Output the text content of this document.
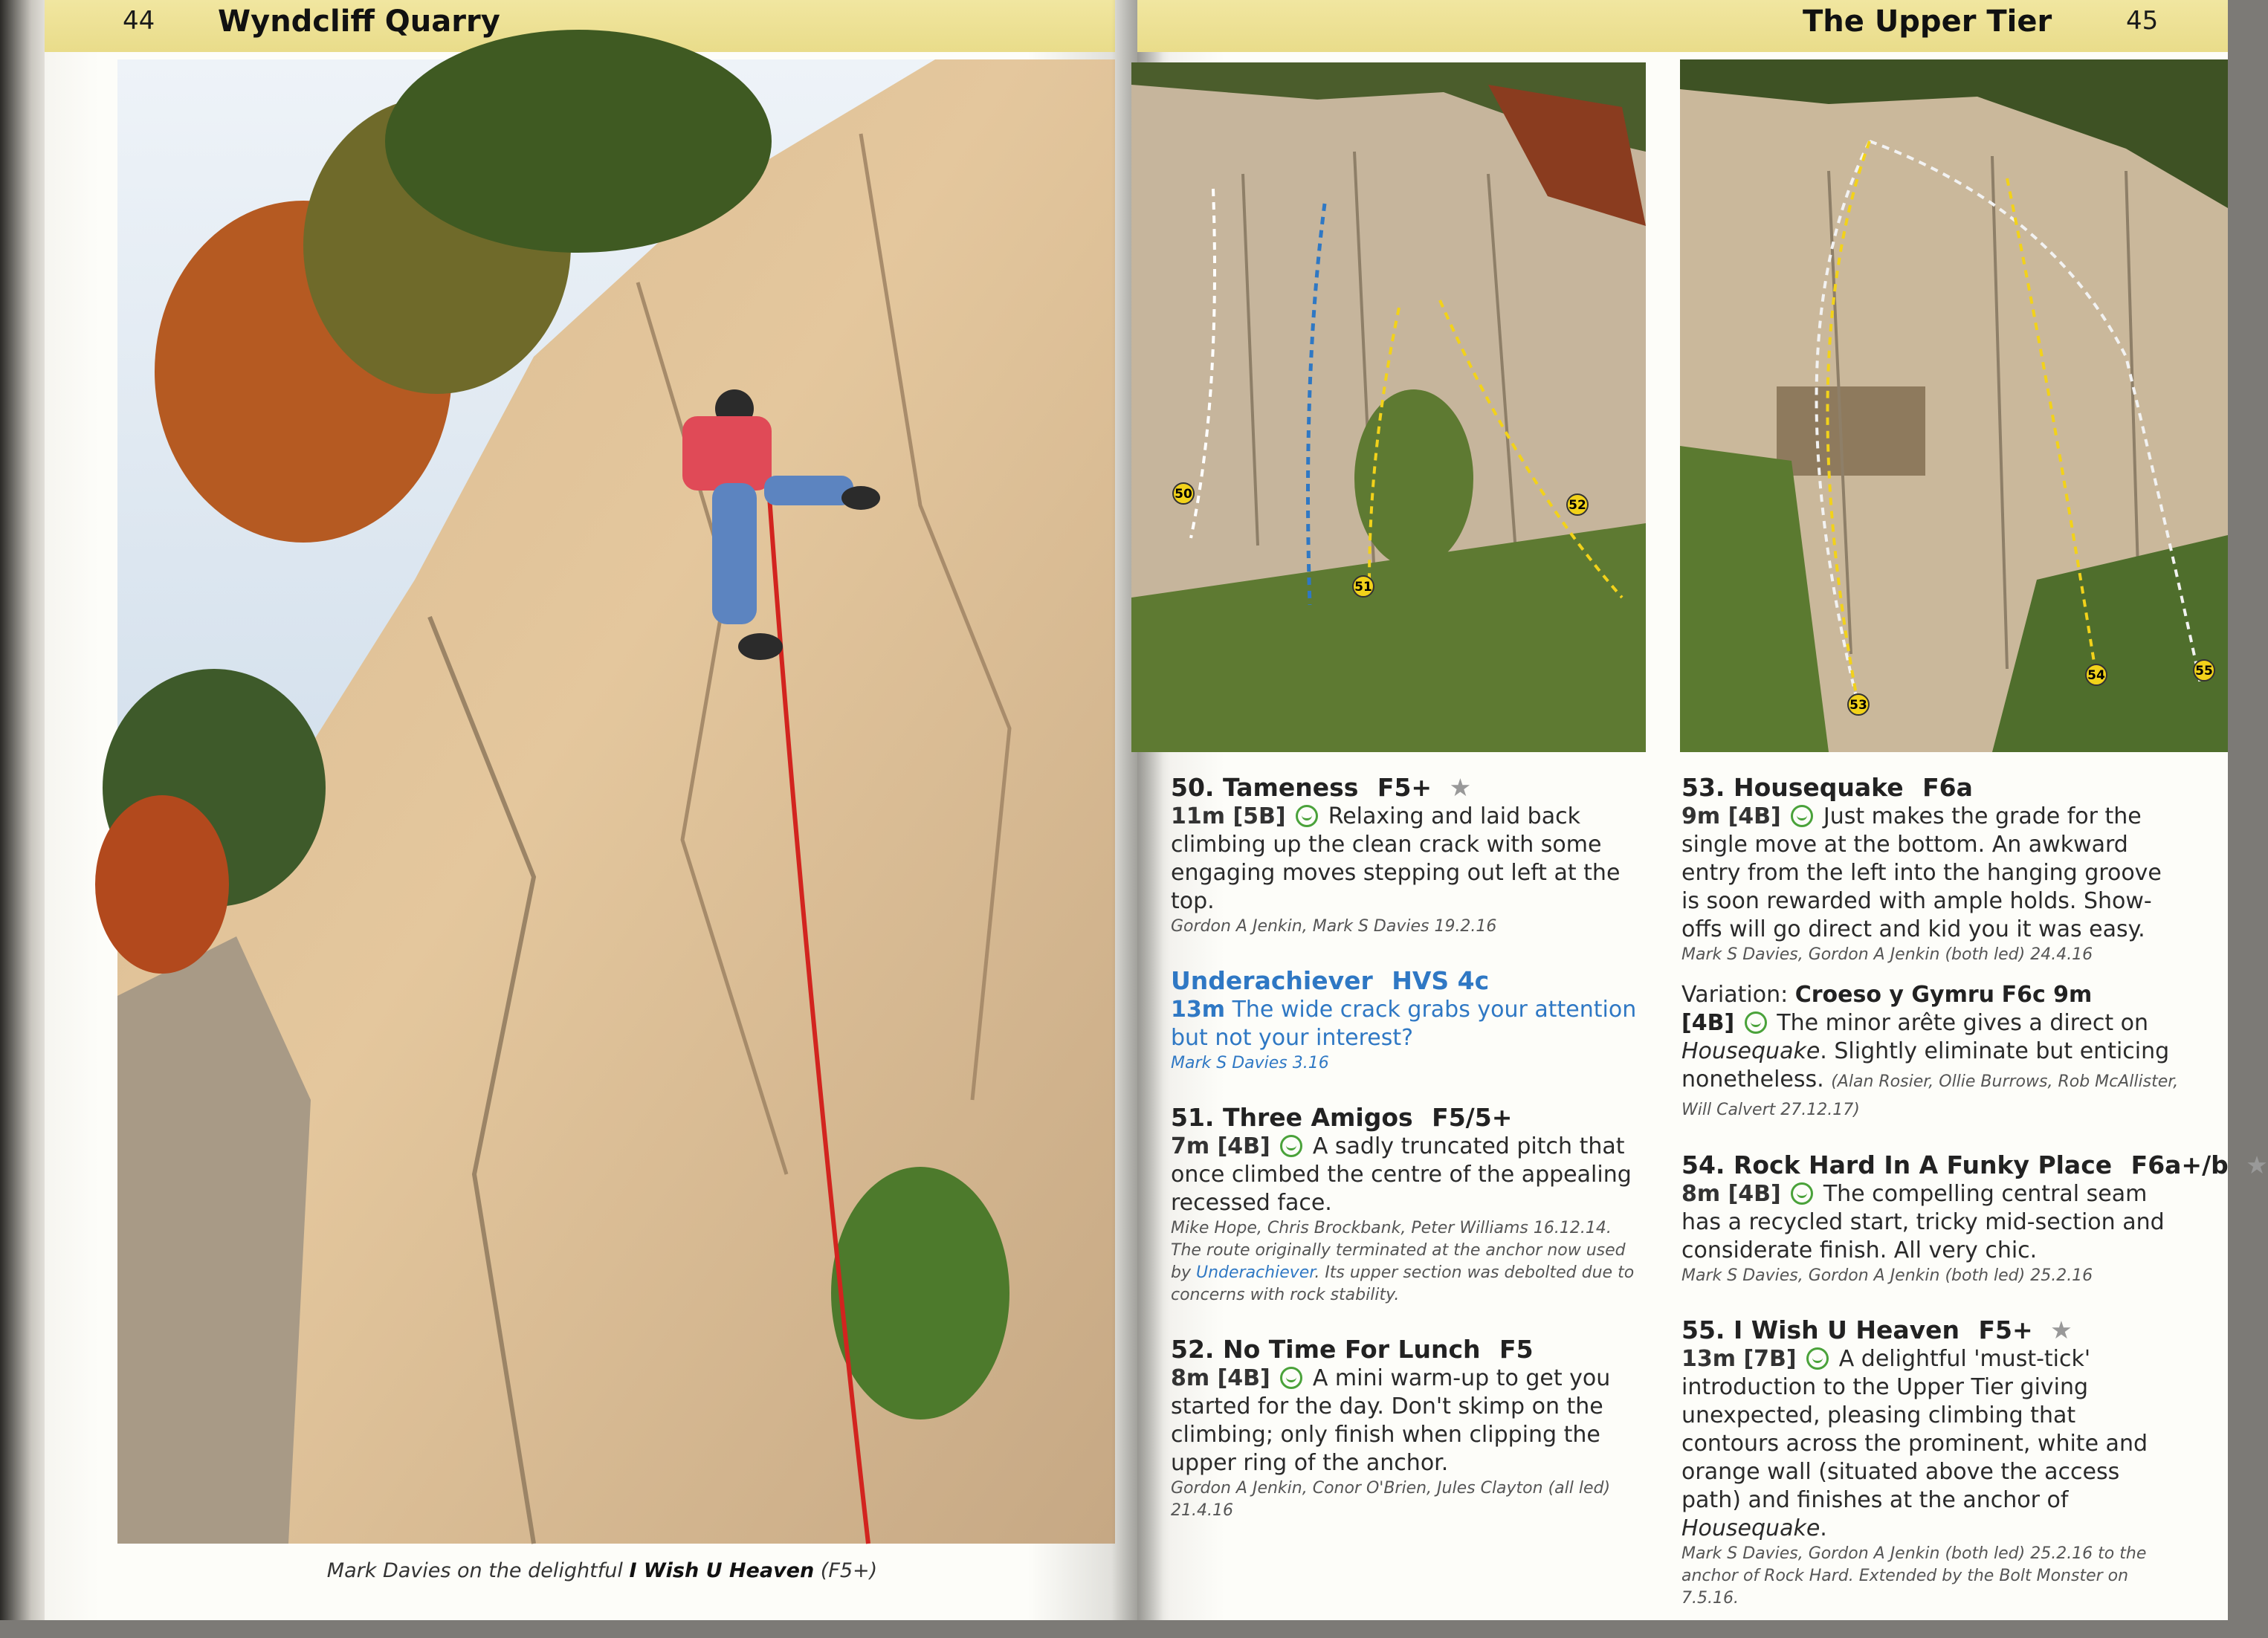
44 Wyndcliff Quarry
Mark Davies on the delightful I Wish U Heaven (F5+)
The Upper Tier	45
50
51
52
53
54	55
50. Tameness F5+ ★
11m [5B] Relaxing and laid back climbing up the clean crack with some engaging moves stepping out left at the top.
Gordon A Jenkin, Mark S Davies 19.2.16
Underachiever HVS 4c
13m The wide crack grabs your attention but not your interest?
Mark S Davies 3.16
51. Three Amigos F5/5+
7m [4B] A sadly truncated pitch that once climbed the centre of the appealing recessed face.
Mike Hope, Chris Brockbank, Peter Williams 16.12.14.
The route originally terminated at the anchor now used by Underachiever. Its upper section was debolted due to concerns with rock stability.
52. No Time For Lunch F5
8m [4B] A mini warm-up to get you started for the day. Don't skimp on the climbing; only finish when clipping the upper ring of the anchor.
Gordon A Jenkin, Conor O'Brien, Jules Clayton (all led) 21.4.16
53. Housequake F6a
9m [4B] Just makes the grade for the single move at the bottom. An awkward entry from the left into the hanging groove is soon rewarded with ample holds. Show-offs will go direct and kid you it was easy.
Mark S Davies, Gordon A Jenkin (both led) 24.4.16
Variation: Croeso y Gymru F6c 9m
[4B] The minor arête gives a direct on Housequake. Slightly eliminate but enticing nonetheless. (Alan Rosier, Ollie Burrows, Rob McAllister, Will Calvert 27.12.17)
54. Rock Hard In A Funky Place F6a+/b ★
8m [4B] The compelling central seam has a recycled start, tricky mid-section and considerate finish. All very chic.
Mark S Davies, Gordon A Jenkin (both led) 25.2.16
55. I Wish U Heaven F5+ ★
13m [7B] A delightful 'must-tick' introduction to the Upper Tier giving unexpected, pleasing climbing that contours across the prominent, white and orange wall (situated above the access path) and finishes at the anchor of Housequake.
Mark S Davies, Gordon A Jenkin (both led) 25.2.16 to the anchor of Rock Hard. Extended by the Bolt Monster on 7.5.16.
